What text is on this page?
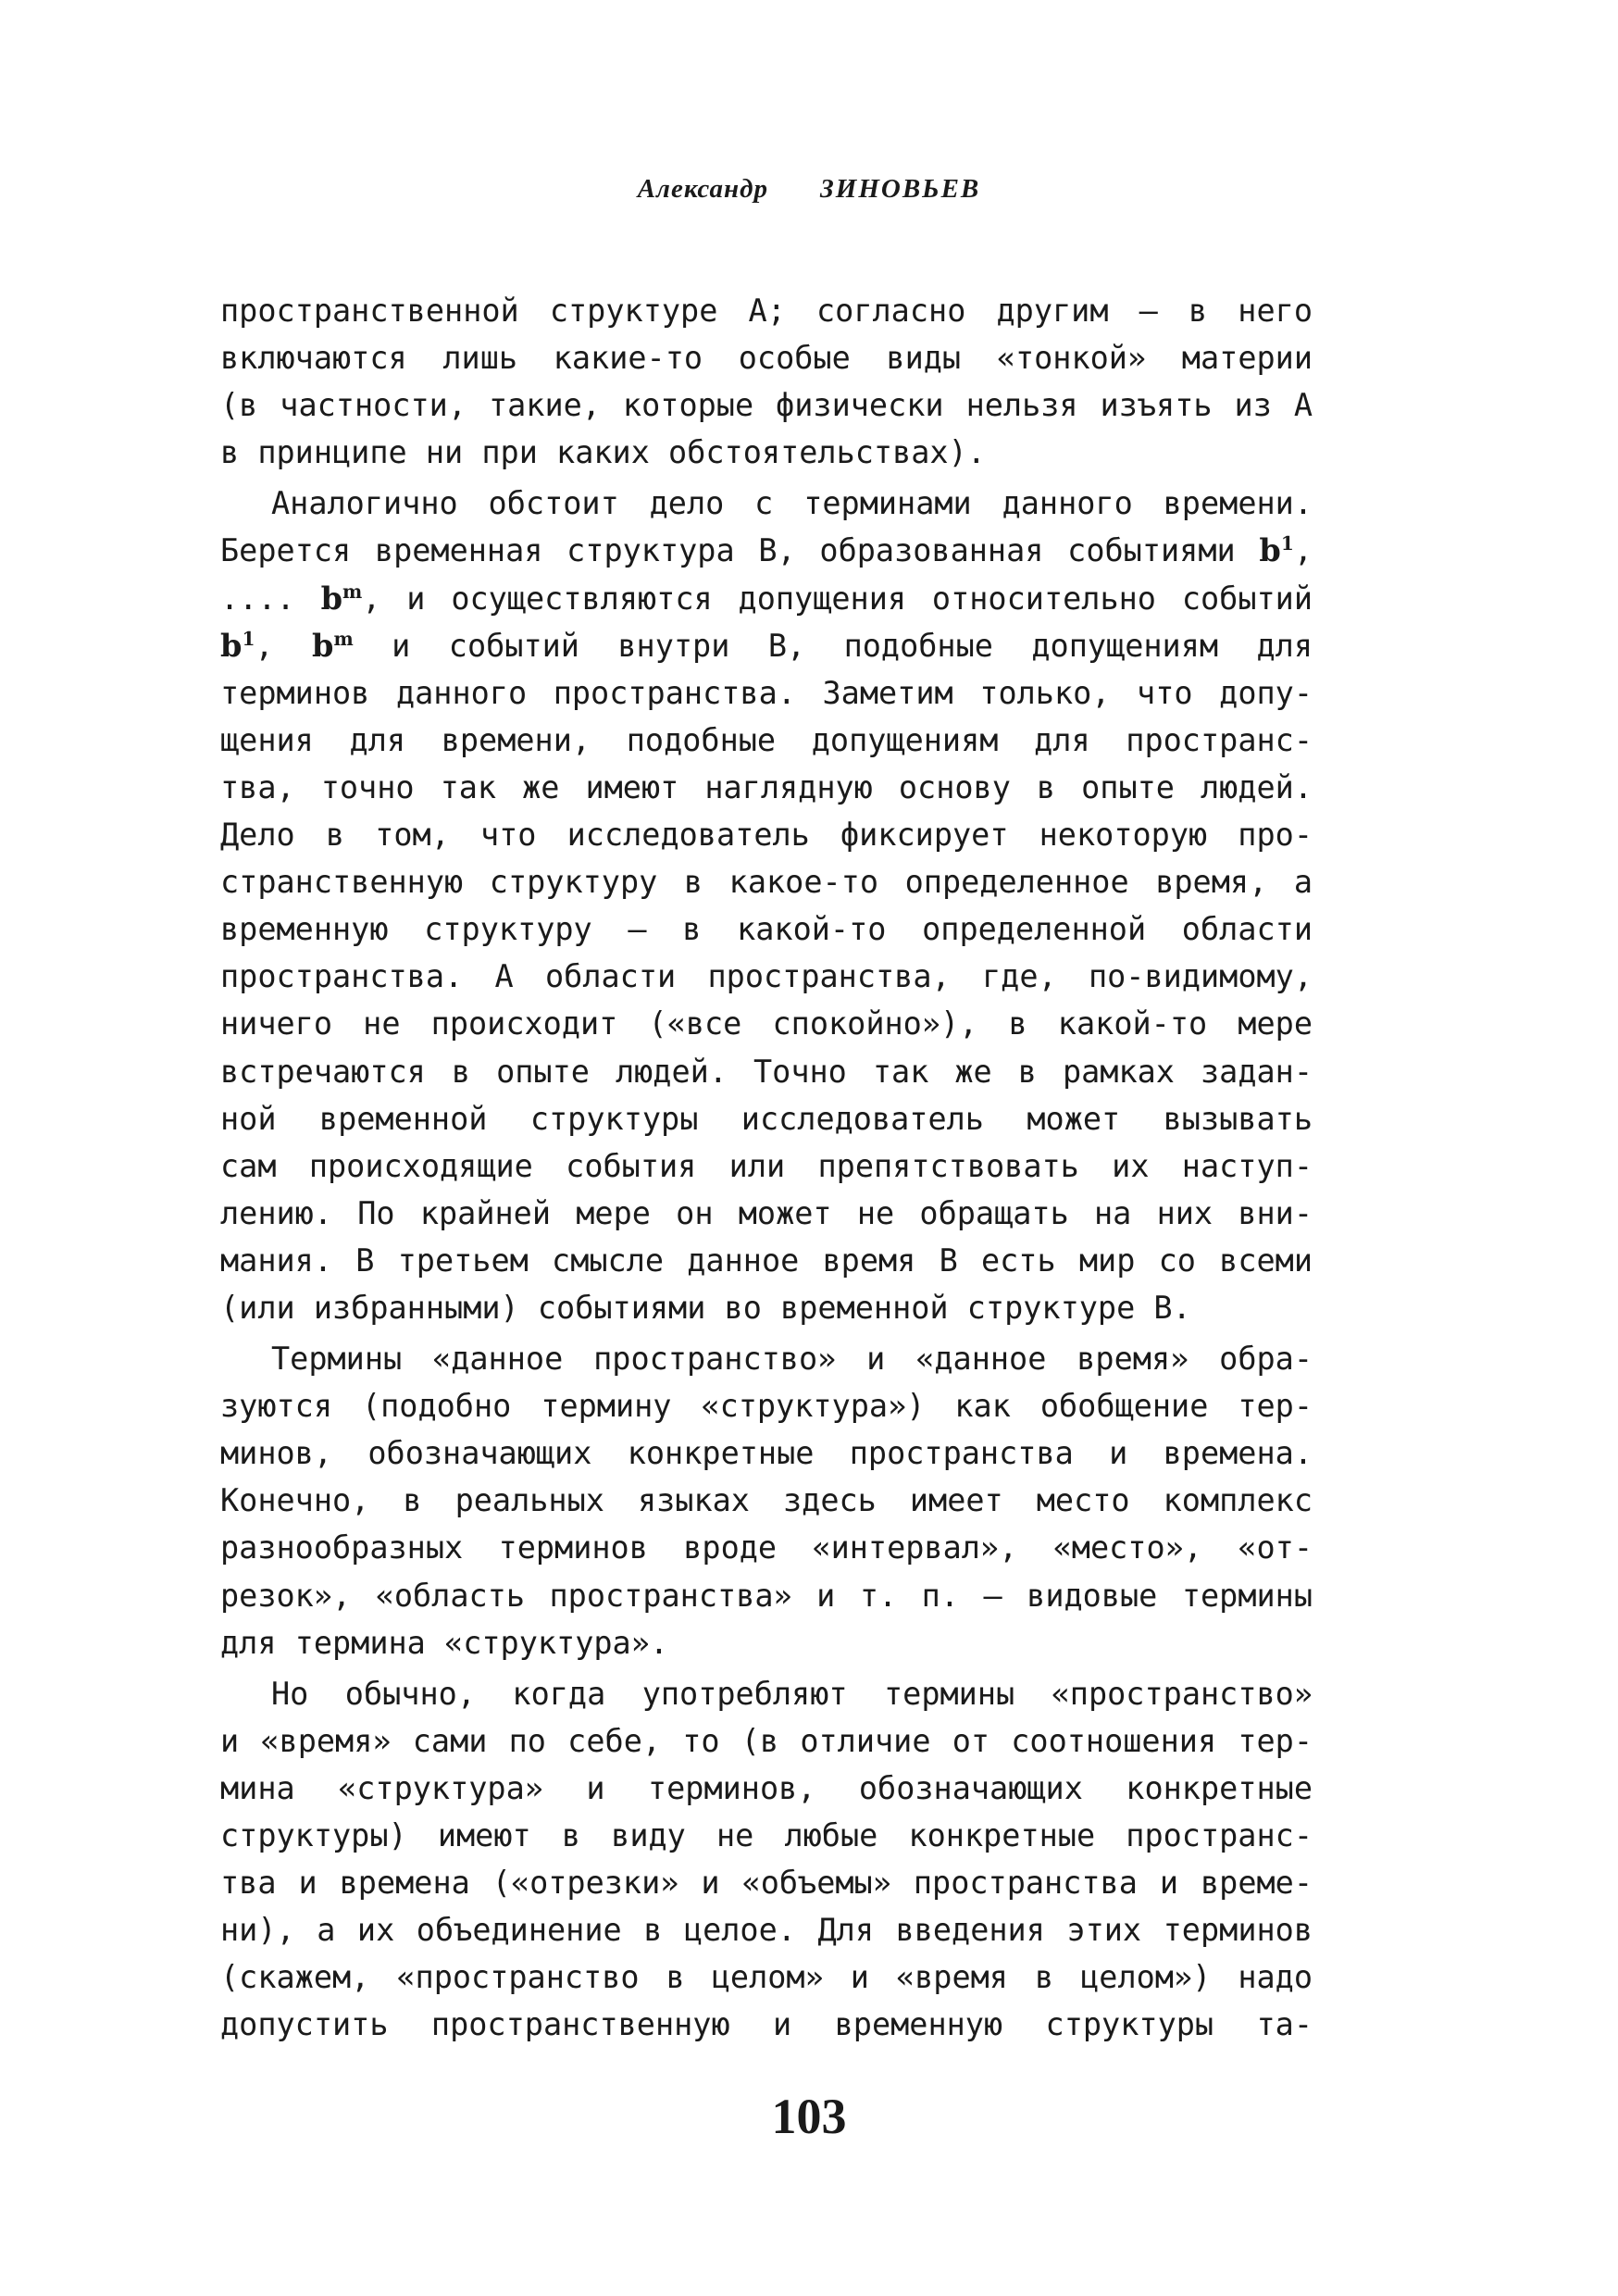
Александр ЗИНОВЬЕВ
пространственной структуре А; согласно другим — в него
включаются лишь какие-то особые виды «тонкой» материи
(в частности, такие, которые физически нельзя изъять из А
в принципе ни при каких обстоятельствах).
Аналогично обстоит дело с терминами данного времени.
Берется временная структура В, образованная событиями $b^1$,
.... $b^m$, и осуществляются допущения относительно событий
$b^1$, $b^m$ и событий внутри В, подобные допущениям для
терминов данного пространства. Заметим только, что допу-
щения для времени, подобные допущениям для пространс-
тва, точно так же имеют наглядную основу в опыте людей.
Дело в том, что исследователь фиксирует некоторую про-
странственную структуру в какое-то определенное время, а
временную структуру — в какой-то определенной области
пространства. А области пространства, где, по-видимому,
ничего не происходит («все спокойно»), в какой-то мере
встречаются в опыте людей. Точно так же в рамках задан-
ной временной структуры исследователь может вызывать
сам происходящие события или препятствовать их наступ-
лению. По крайней мере он может не обращать на них вни-
мания. В третьем смысле данное время В есть мир со всеми
(или избранными) событиями во временной структуре В.
Термины «данное пространство» и «данное время» обра-
зуются (подобно термину «структура») как обобщение тер-
минов, обозначающих конкретные пространства и времена.
Конечно, в реальных языках здесь имеет место комплекс
разнообразных терминов вроде «интервал», «место», «от-
резок», «область пространства» и т. п. — видовые термины
для термина «структура».
Но обычно, когда употребляют термины «пространство»
и «время» сами по себе, то (в отличие от соотношения тер-
мина «структура» и терминов, обозначающих конкретные
структуры) имеют в виду не любые конкретные пространс-
тва и времена («отрезки» и «объемы» пространства и време-
ни), а их объединение в целое. Для введения этих терминов
(скажем, «пространство в целом» и «время в целом») надо
допустить пространственную и временную структуры та-
103
